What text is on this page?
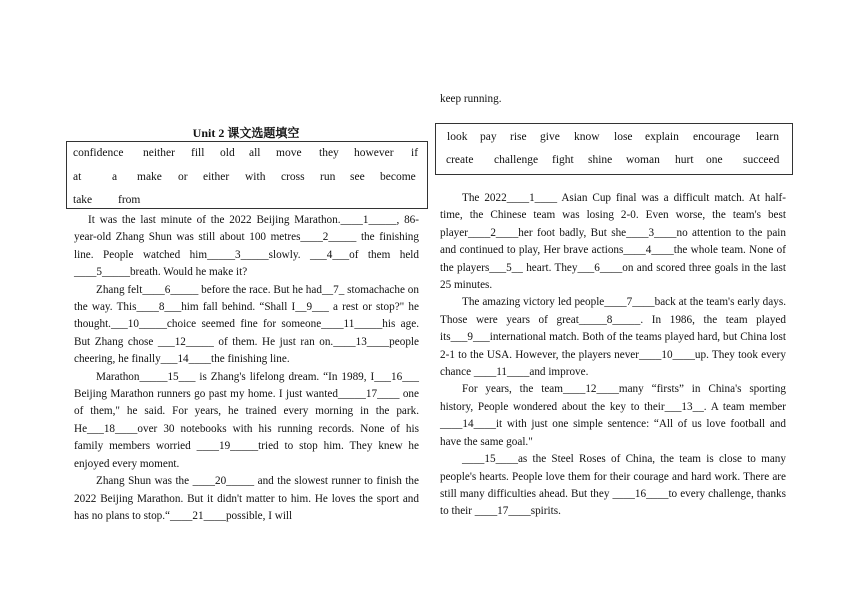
Unit 2 课文选题填空
confidence neither fill old all move they however if
at	a make or either with cross run see become
take from

It was the last minute of the 2022 Beijing Marathon.____1_____, 86-year-old Zhang Shun was still about 100 metres____2_____ the finishing line. People watched him_____3_____slowly. ___4___of them held ____5_____breath. Would he make it?

Zhang felt____6_____ before the race. But he had__7_ stomachache on the way. This____8___him fall behind. “Shall I__9___ a rest or stop?" he thought.___10_____choice seemed fine for someone____11_____his age. But Zhang chose ___12_____ of them. He just ran on.____13____people cheering, he finally___14____the finishing line.

Marathon_____15___ is Zhang's lifelong dream. “In 1989, I___16___ Beijing Marathon runners go past my home. I just wanted_____17____ one of them," he said. For years, he trained every morning in the park. He___18____over 30 notebooks with his running records. None of his family members worried ____19_____tried to stop him. They knew he enjoyed every moment.

Zhang Shun was the ____20_____ and the slowest runner to finish the 2022 Beijing Marathon. But it didn't matter to him. He loves the sport and has no plans to stop.“____21____possible, I will

keep running.
look pay rise give know lose explain encourage learn
create challenge fight shine woman hurt one succeed

The 2022____1____ Asian Cup final was a difficult match. At half-time, the Chinese team was losing 2-0. Even worse, the team's best player____2____her foot badly, But she____3____no attention to the pain and continued to play, Her brave actions____4____the whole team. None of the players___5__ heart. They___6____on and scored three goals in the last 25 minutes.

The amazing victory led people____7____back at the team's early days. Those were years of great_____8_____. In 1986, the team played its___9___international match. Both of the teams played hard, but China lost 2-1 to the USA. However, the players never____10____up. They took every chance ____11____and improve.

For years, the team____12____many “firsts” in China's sporting history, People wondered about the key to their___13__. A team member ____14____it with just one simple sentence: “All of us love football and have the same goal."

____15____as the Steel Roses of China, the team is close to many people's hearts. People love them for their courage and hard work. There are still many difficulties ahead. But they ____16____to every challenge, thanks to their ____17____spirits.
